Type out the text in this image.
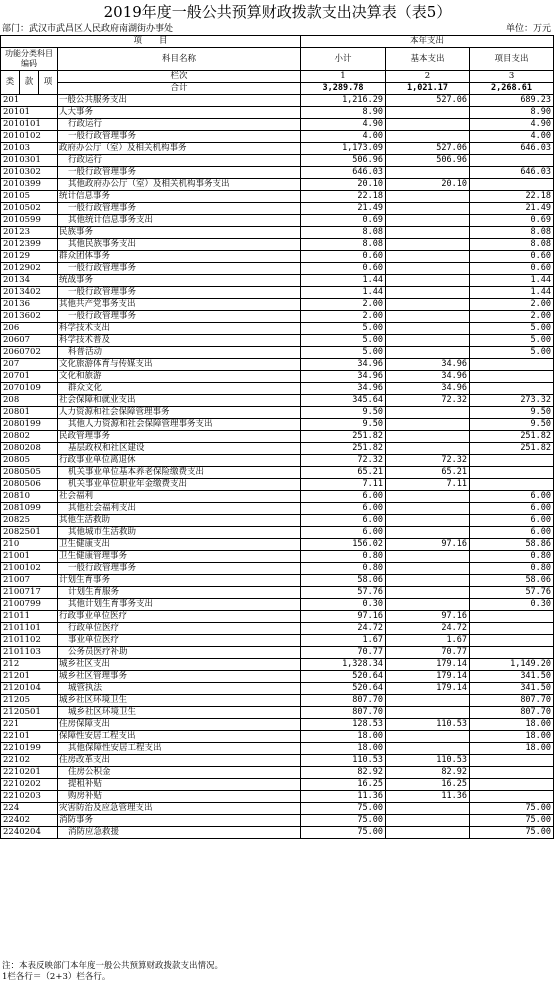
2019年度一般公共预算财政拨款支出决算表（表5）
部门：武汉市武昌区人民政府南湖街办事处	单位：万元
项　　目				本年支出		
功能分类科目编码			科目名称	小计	基本支出	项目支出

类	款	项	栏次	1	2	3
			合计	3,289.78	1,021.17	2,268.61
201			一般公共服务支出	1,216.29	527.06	689.23
20101			人大事务	8.90		8.90
2010101			行政运行	4.90		4.90
2010102			一般行政管理事务	4.00		4.00
20103			政府办公厅（室）及相关机构事务	1,173.09	527.06	646.03
2010301			行政运行	506.96	506.96	
2010302			一般行政管理事务	646.03		646.03
2010399			其他政府办公厅（室）及相关机构事务支出	20.10	20.10	
20105			统计信息事务	22.18		22.18
2010502			一般行政管理事务	21.49		21.49
2010599			其他统计信息事务支出	0.69		0.69
20123			民族事务	8.08		8.08
2012399			其他民族事务支出	8.08		8.08
20129			群众团体事务	0.60		0.60
2012902			一般行政管理事务	0.60		0.60
20134			统战事务	1.44		1.44
2013402			一般行政管理事务	1.44		1.44
20136			其他共产党事务支出	2.00		2.00
2013602			一般行政管理事务	2.00		2.00
206			科学技术支出	5.00		5.00
20607			科学技术普及	5.00		5.00
2060702			科普活动	5.00		5.00
207			文化旅游体育与传媒支出	34.96	34.96	
20701			文化和旅游	34.96	34.96	
2070109			群众文化	34.96	34.96	
208			社会保障和就业支出	345.64	72.32	273.32
20801			人力资源和社会保障管理事务	9.50		9.50
2080199			其他人力资源和社会保障管理事务支出	9.50		9.50
20802			民政管理事务	251.82		251.82
2080208			基层政权和社区建设	251.82		251.82
20805			行政事业单位离退休	72.32	72.32	
2080505			机关事业单位基本养老保险缴费支出	65.21	65.21	
2080506			机关事业单位职业年金缴费支出	7.11	7.11	
20810			社会福利	6.00		6.00
2081099			其他社会福利支出	6.00		6.00
20825			其他生活救助	6.00		6.00
2082501			其他城市生活救助	6.00		6.00
210			卫生健康支出	156.02	97.16	58.86
21001			卫生健康管理事务	0.80		0.80
2100102			一般行政管理事务	0.80		0.80
21007			计划生育事务	58.06		58.06
2100717			计划生育服务	57.76		57.76
2100799			其他计划生育事务支出	0.30		0.30
21011			行政事业单位医疗	97.16	97.16	
2101101			行政单位医疗	24.72	24.72	
2101102			事业单位医疗	1.67	1.67	
2101103			公务员医疗补助	70.77	70.77	
212			城乡社区支出	1,328.34	179.14	1,149.20
21201			城乡社区管理事务	520.64	179.14	341.50
2120104			城管执法	520.64	179.14	341.50
21205			城乡社区环境卫生	807.70		807.70
2120501			城乡社区环境卫生	807.70		807.70
221			住房保障支出	128.53	110.53	18.00
22101			保障性安居工程支出	18.00		18.00
2210199			其他保障性安居工程支出	18.00		18.00
22102			住房改革支出	110.53	110.53	
2210201			住房公积金	82.92	82.92	
2210202			提租补贴	16.25	16.25	
2210203			购房补贴	11.36	11.36	
224			灾害防治及应急管理支出	75.00		75.00
22402			消防事务	75.00		75.00
2240204			消防应急救援	75.00		75.00
注：本表反映部门本年度一般公共预算财政拨款支出情况。
1栏各行＝（2+3）栏各行。
